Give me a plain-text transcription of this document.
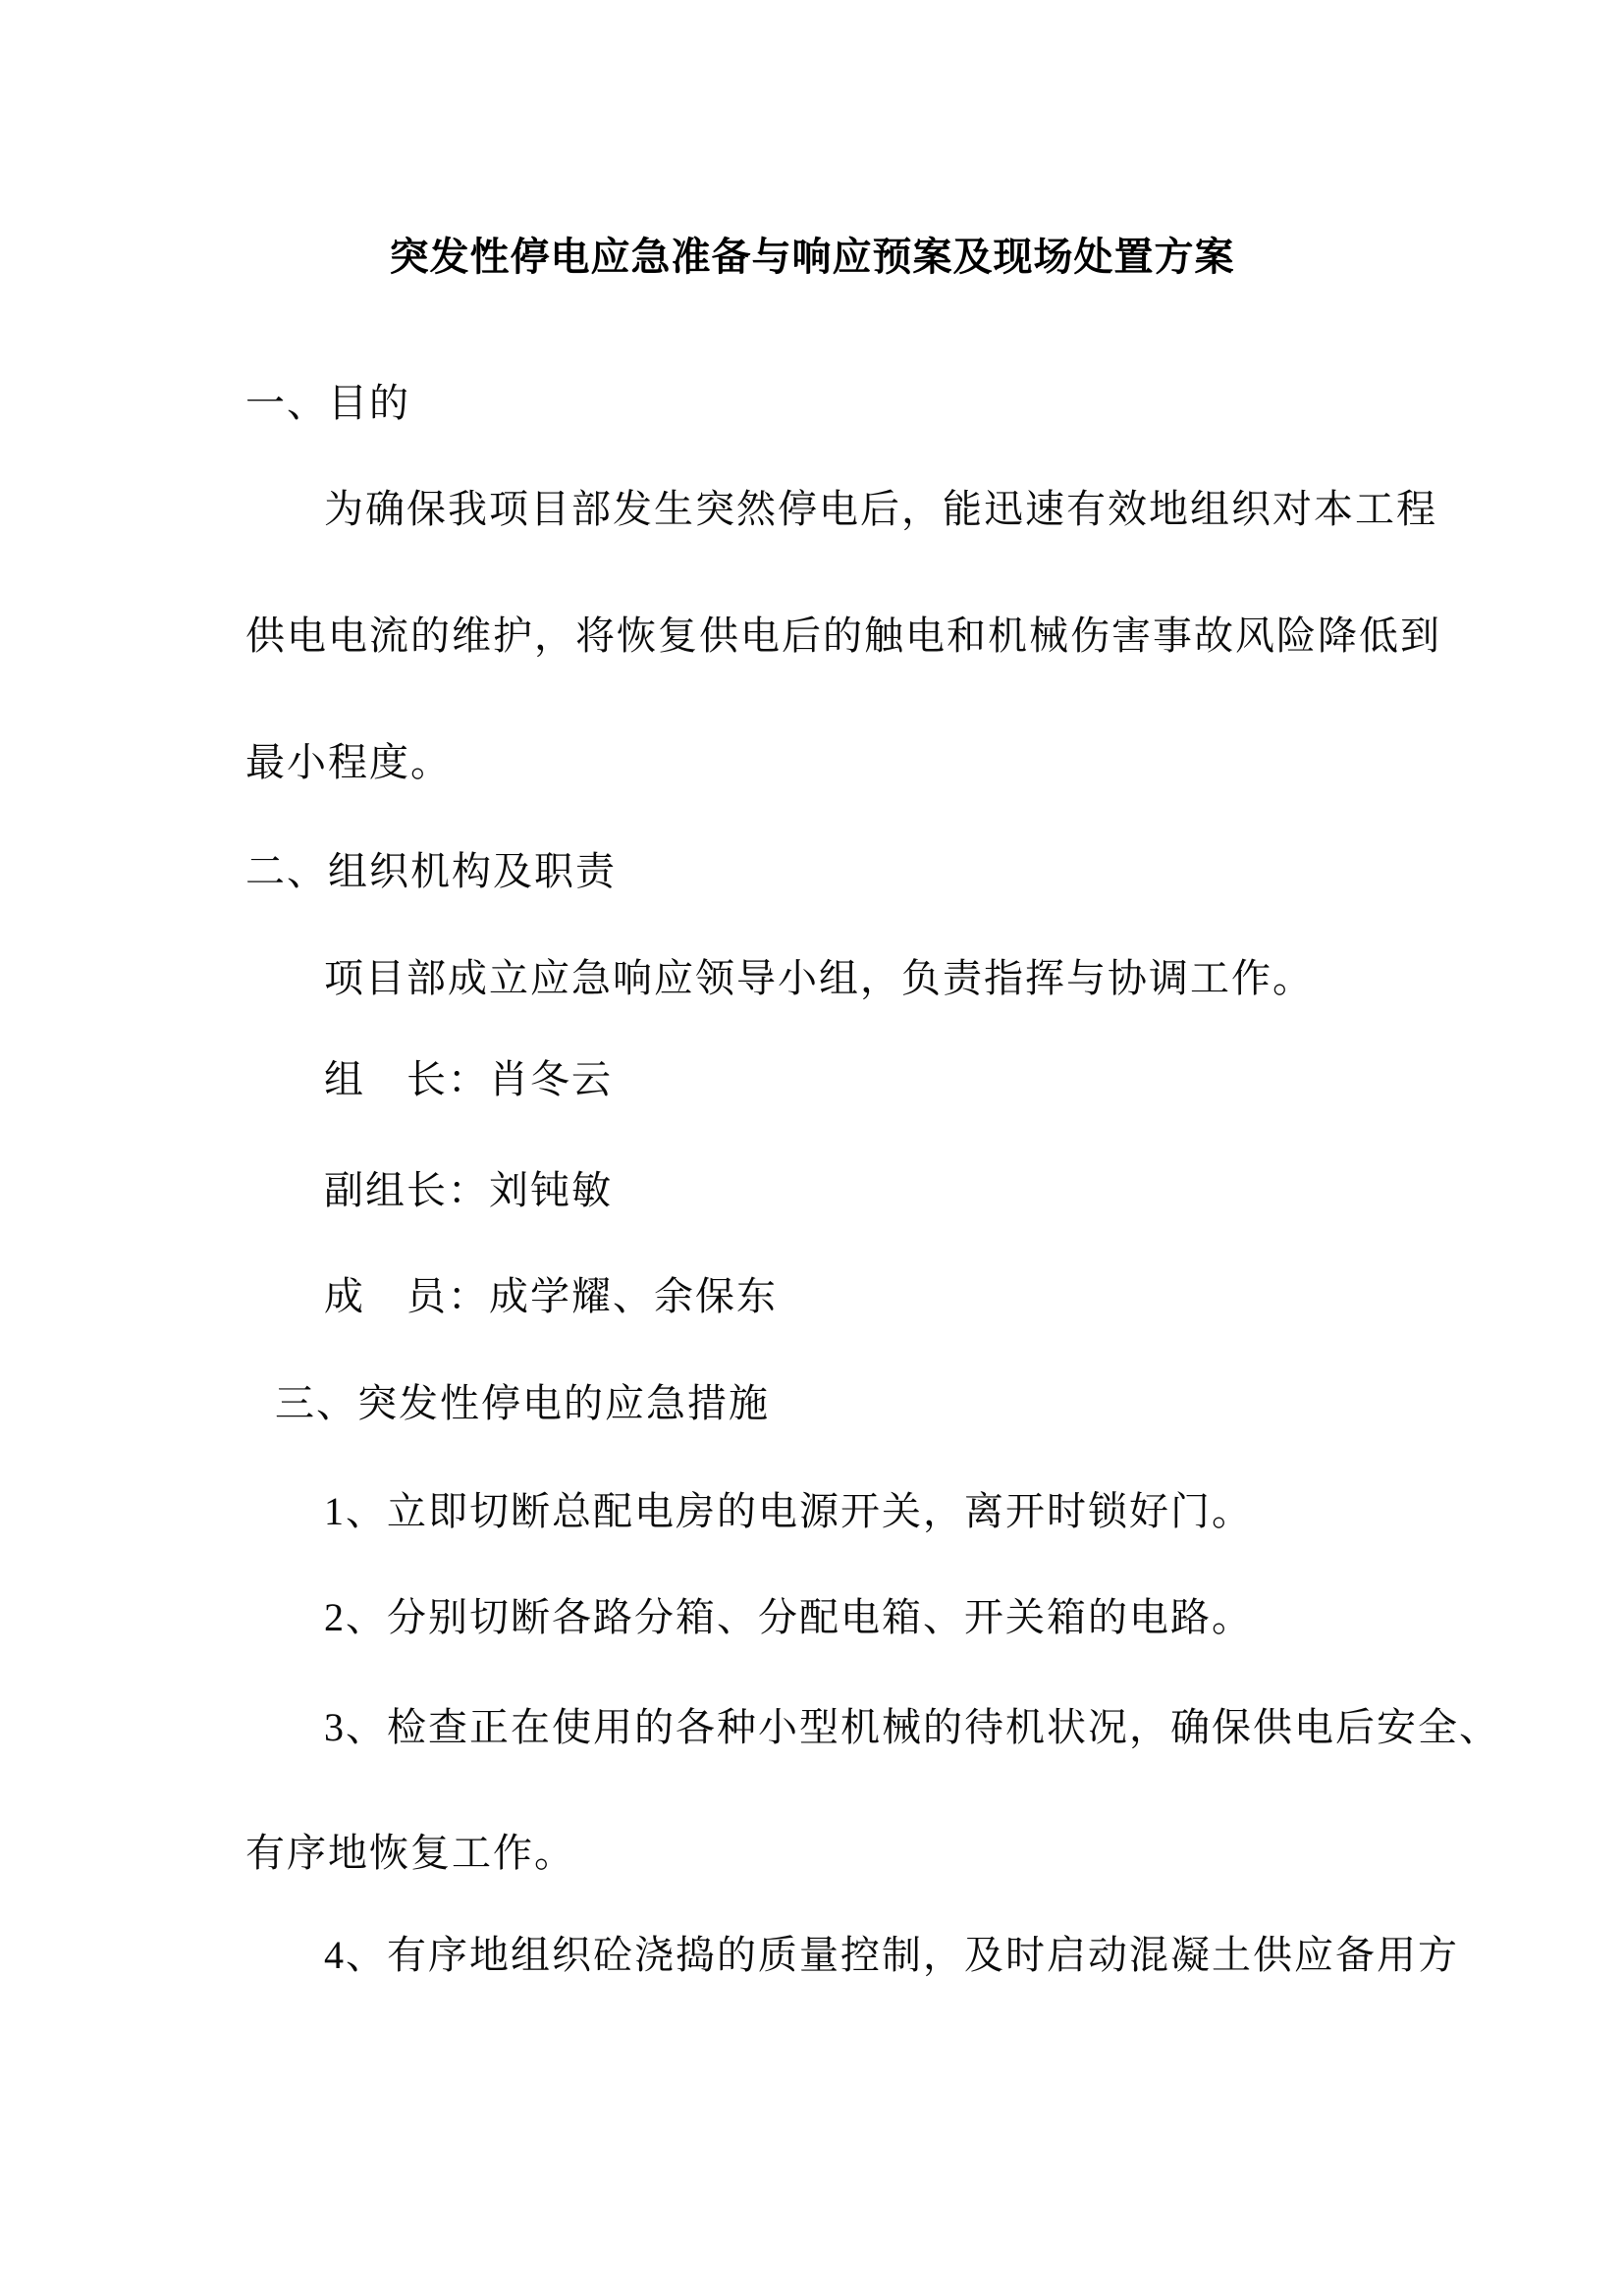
突发性停电应急准备与响应预案及现场处置方案
一、目的
为确保我项目部发生突然停电后，能迅速有效地组织对本工程
供电电流的维护，将恢复供电后的触电和机械伤害事故风险降低到
最小程度。
二、组织机构及职责
项目部成立应急响应领导小组，负责指挥与协调工作。
组　长：肖冬云
副组长：刘钝敏
成　员：成学耀、余保东
三、突发性停电的应急措施
1、立即切断总配电房的电源开关，离开时锁好门。
2、分别切断各路分箱、分配电箱、开关箱的电路。
3、检查正在使用的各种小型机械的待机状况，确保供电后安全、
有序地恢复工作。
4、有序地组织砼浇捣的质量控制，及时启动混凝土供应备用方
